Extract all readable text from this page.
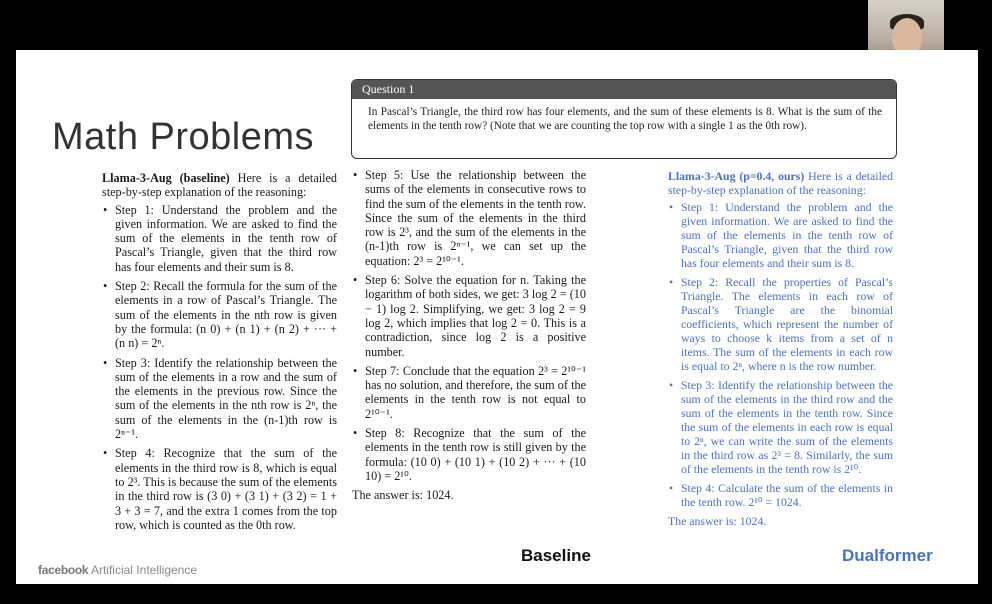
Math Problems
Question 1
In Pascal’s Triangle, the third row has four elements, and the sum of these elements is 8. What is the sum of the elements in the tenth row? (Note that we are counting the top row with a single 1 as the 0th row).

Llama-3-Aug (baseline) Here is a detailed step-by-step explanation of the reasoning:

• Step 1: Understand the problem and the given information. We are asked to find the sum of the elements in the tenth row of Pascal’s Triangle, given that the third row has four elements and their sum is 8.
• Step 2: Recall the formula for the sum of the elements in a row of Pascal’s Triangle. The sum of the elements in the nth row is given by the formula: (n 0) + (n 1) + (n 2) + ··· + (n n) = 2ⁿ.
• Step 3: Identify the relationship between the sum of the elements in a row and the sum of the elements in the previous row. Since the sum of the elements in the nth row is 2ⁿ, the sum of the elements in the (n-1)th row is 2ⁿ⁻¹.
• Step 4: Recognize that the sum of the elements in the third row is 8, which is equal to 2³. This is because the sum of the elements in the third row is (3 0) + (3 1) + (3 2) = 1 + 3 + 3 = 7, and the extra 1 comes from the top row, which is counted as the 0th row.
• Step 5: Use the relationship between the sums of the elements in consecutive rows to find the sum of the elements in the tenth row. Since the sum of the elements in the third row is 2³, and the sum of the elements in the (n-1)th row is 2ⁿ⁻¹, we can set up the equation: 2³ = 2¹⁰⁻¹.
• Step 6: Solve the equation for n. Taking the logarithm of both sides, we get: 3 log 2 = (10 − 1) log 2. Simplifying, we get: 3 log 2 = 9 log 2, which implies that log 2 = 0. This is a contradiction, since log 2 is a positive number.
• Step 7: Conclude that the equation 2³ = 2¹⁰⁻¹ has no solution, and therefore, the sum of the elements in the tenth row is not equal to 2¹⁰⁻¹.
• Step 8: Recognize that the sum of the elements in the tenth row is still given by the formula: (10 0) + (10 1) + (10 2) + ··· + (10 10) = 2¹⁰.
The answer is: 1024.

Llama-3-Aug (p=0.4, ours) Here is a detailed step-by-step explanation of the reasoning:

• Step 1: Understand the problem and the given information. We are asked to find the sum of the elements in the tenth row of Pascal’s Triangle, given that the third row has four elements and their sum is 8.
• Step 2: Recall the properties of Pascal’s Triangle. The elements in each row of Pascal’s Triangle are the binomial coefficients, which represent the number of ways to choose k items from a set of n items. The sum of the elements in each row is equal to 2ⁿ, where n is the row number.
• Step 3: Identify the relationship between the sum of the elements in the third row and the sum of the elements in the tenth row. Since the sum of the elements in each row is equal to 2ⁿ, we can write the sum of the elements in the third row as 2³ = 8. Similarly, the sum of the elements in the tenth row is 2¹⁰.
• Step 4: Calculate the sum of the elements in the tenth row. 2¹⁰ = 1024.
The answer is: 1024.
Baseline	Dualformer
facebook Artificial Intelligence
